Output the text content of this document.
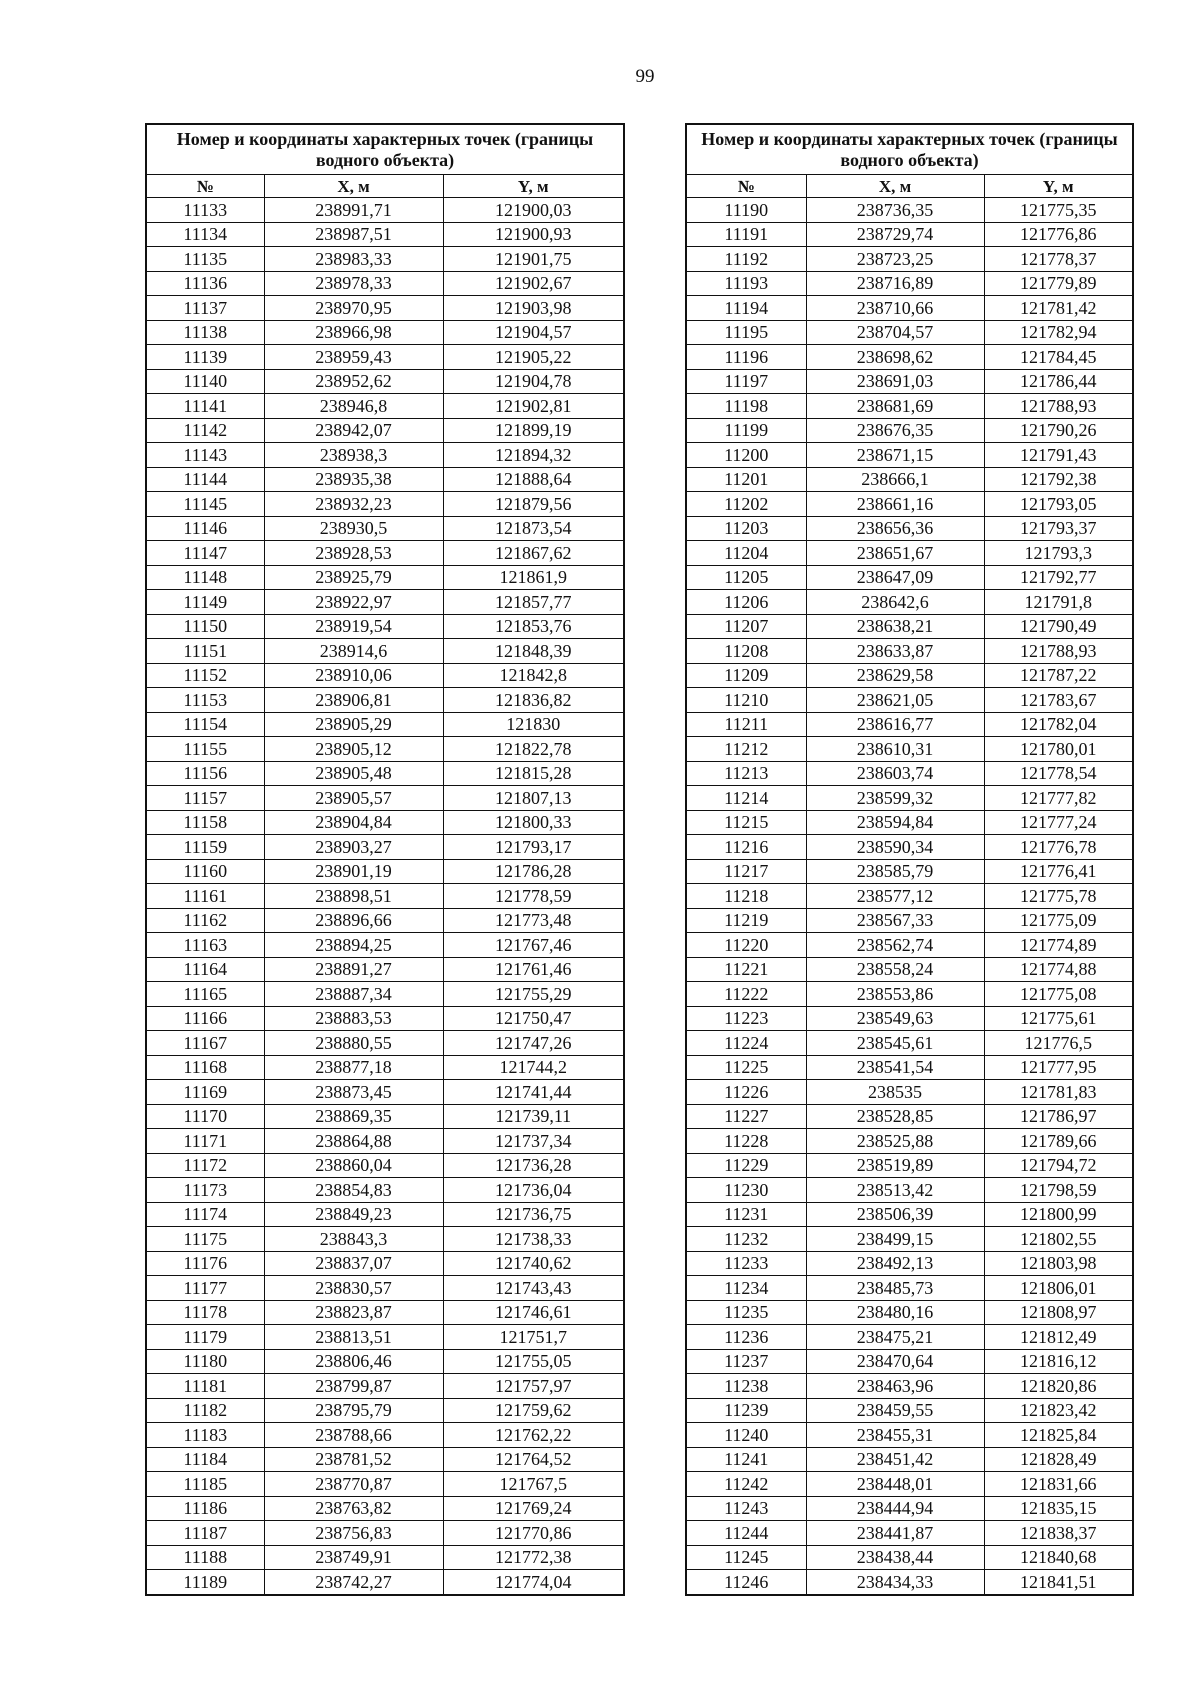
99
Номер и координаты характерных точек (границы водного объекта)		
№	X, м	Y, м
11133	238991,71	121900,03
11134	238987,51	121900,93
11135	238983,33	121901,75
11136	238978,33	121902,67
11137	238970,95	121903,98
11138	238966,98	121904,57
11139	238959,43	121905,22
11140	238952,62	121904,78
11141	238946,8	121902,81
11142	238942,07	121899,19
11143	238938,3	121894,32
11144	238935,38	121888,64
11145	238932,23	121879,56
11146	238930,5	121873,54
11147	238928,53	121867,62
11148	238925,79	121861,9
11149	238922,97	121857,77
11150	238919,54	121853,76
11151	238914,6	121848,39
11152	238910,06	121842,8
11153	238906,81	121836,82
11154	238905,29	121830
11155	238905,12	121822,78
11156	238905,48	121815,28
11157	238905,57	121807,13
11158	238904,84	121800,33
11159	238903,27	121793,17
11160	238901,19	121786,28
11161	238898,51	121778,59
11162	238896,66	121773,48
11163	238894,25	121767,46
11164	238891,27	121761,46
11165	238887,34	121755,29
11166	238883,53	121750,47
11167	238880,55	121747,26
11168	238877,18	121744,2
11169	238873,45	121741,44
11170	238869,35	121739,11
11171	238864,88	121737,34
11172	238860,04	121736,28
11173	238854,83	121736,04
11174	238849,23	121736,75
11175	238843,3	121738,33
11176	238837,07	121740,62
11177	238830,57	121743,43
11178	238823,87	121746,61
11179	238813,51	121751,7
11180	238806,46	121755,05
11181	238799,87	121757,97
11182	238795,79	121759,62
11183	238788,66	121762,22
11184	238781,52	121764,52
11185	238770,87	121767,5
11186	238763,82	121769,24
11187	238756,83	121770,86
11188	238749,91	121772,38
11189	238742,27	121774,04
Номер и координаты характерных точек (границы водного объекта)		
№	X, м	Y, м
11190	238736,35	121775,35
11191	238729,74	121776,86
11192	238723,25	121778,37
11193	238716,89	121779,89
11194	238710,66	121781,42
11195	238704,57	121782,94
11196	238698,62	121784,45
11197	238691,03	121786,44
11198	238681,69	121788,93
11199	238676,35	121790,26
11200	238671,15	121791,43
11201	238666,1	121792,38
11202	238661,16	121793,05
11203	238656,36	121793,37
11204	238651,67	121793,3
11205	238647,09	121792,77
11206	238642,6	121791,8
11207	238638,21	121790,49
11208	238633,87	121788,93
11209	238629,58	121787,22
11210	238621,05	121783,67
11211	238616,77	121782,04
11212	238610,31	121780,01
11213	238603,74	121778,54
11214	238599,32	121777,82
11215	238594,84	121777,24
11216	238590,34	121776,78
11217	238585,79	121776,41
11218	238577,12	121775,78
11219	238567,33	121775,09
11220	238562,74	121774,89
11221	238558,24	121774,88
11222	238553,86	121775,08
11223	238549,63	121775,61
11224	238545,61	121776,5
11225	238541,54	121777,95
11226	238535	121781,83
11227	238528,85	121786,97
11228	238525,88	121789,66
11229	238519,89	121794,72
11230	238513,42	121798,59
11231	238506,39	121800,99
11232	238499,15	121802,55
11233	238492,13	121803,98
11234	238485,73	121806,01
11235	238480,16	121808,97
11236	238475,21	121812,49
11237	238470,64	121816,12
11238	238463,96	121820,86
11239	238459,55	121823,42
11240	238455,31	121825,84
11241	238451,42	121828,49
11242	238448,01	121831,66
11243	238444,94	121835,15
11244	238441,87	121838,37
11245	238438,44	121840,68
11246	238434,33	121841,51
